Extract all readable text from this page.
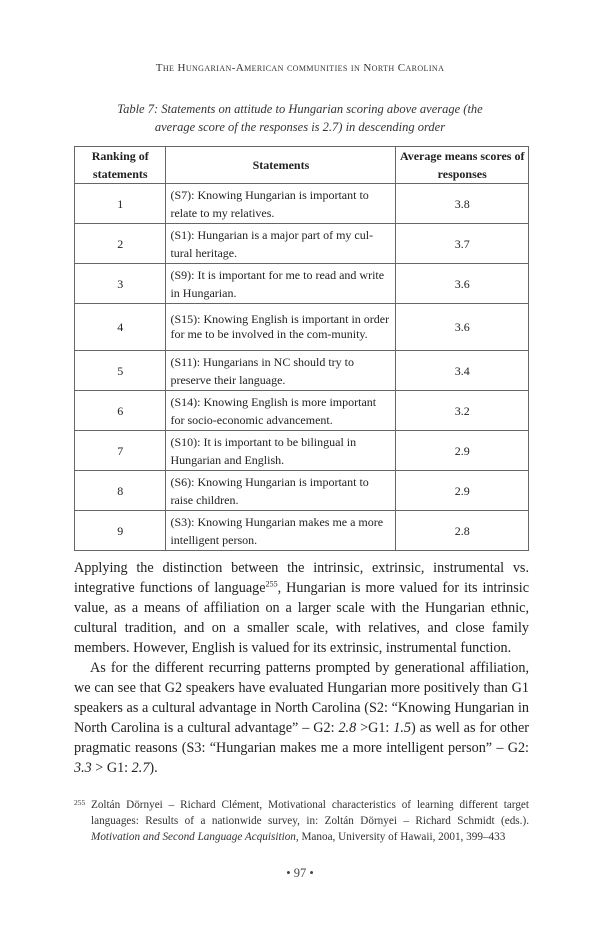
The Hungarian-American communities in North Carolina
Table 7: Statements on attitude to Hungarian scoring above average (the average score of the responses is 2.7) in descending order
Ranking of statements	Statements	Average means scores of responses
1	(S7): Knowing Hungarian is important to relate to my relatives.	3.8
2	(S1): Hungarian is a major part of my cul-tural heritage.	3.7
3	(S9): It is important for me to read and write in Hungarian.	3.6
4	(S15): Knowing English is important in order for me to be involved in the com-munity.	3.6
5	(S11): Hungarians in NC should try to preserve their language.	3.4
6	(S14): Knowing English is more important for socio-economic advancement.	3.2
7	(S10): It is important to be bilingual in Hungarian and English.	2.9
8	(S6): Knowing Hungarian is important to raise children.	2.9
9	(S3): Knowing Hungarian makes me a more intelligent person.	2.8

Applying the distinction between the intrinsic, extrinsic, instrumental vs. integrative functions of language$^{255}$, Hungarian is more valued for its intrinsic value, as a means of affiliation on a larger scale with the Hungarian ethnic, cultural tradition, and on a smaller scale, with relatives, and close family members. However, English is valued for its extrinsic, instrumental function.

As for the different recurring patterns prompted by generational affiliation, we can see that G2 speakers have evaluated Hungarian more positively than G1 speakers as a cultural advantage in North Carolina (S2: “Knowing Hungarian in North Carolina is a cultural advantage” – G2: 2.8 >G1: 1.5) as well as for other pragmatic reasons (S3: “Hungarian makes me a more intelligent person” – G2: 3.3 > G1: 2.7).

255 Zoltán Dörnyei – Richard Clément, Motivational characteristics of learning different target languages: Results of a nationwide survey, in: Zoltán Dörnyei – Richard Schmidt (eds.). Motivation and Second Language Acquisition, Manoa, University of Hawaii, 2001, 399–433

• 97 •
